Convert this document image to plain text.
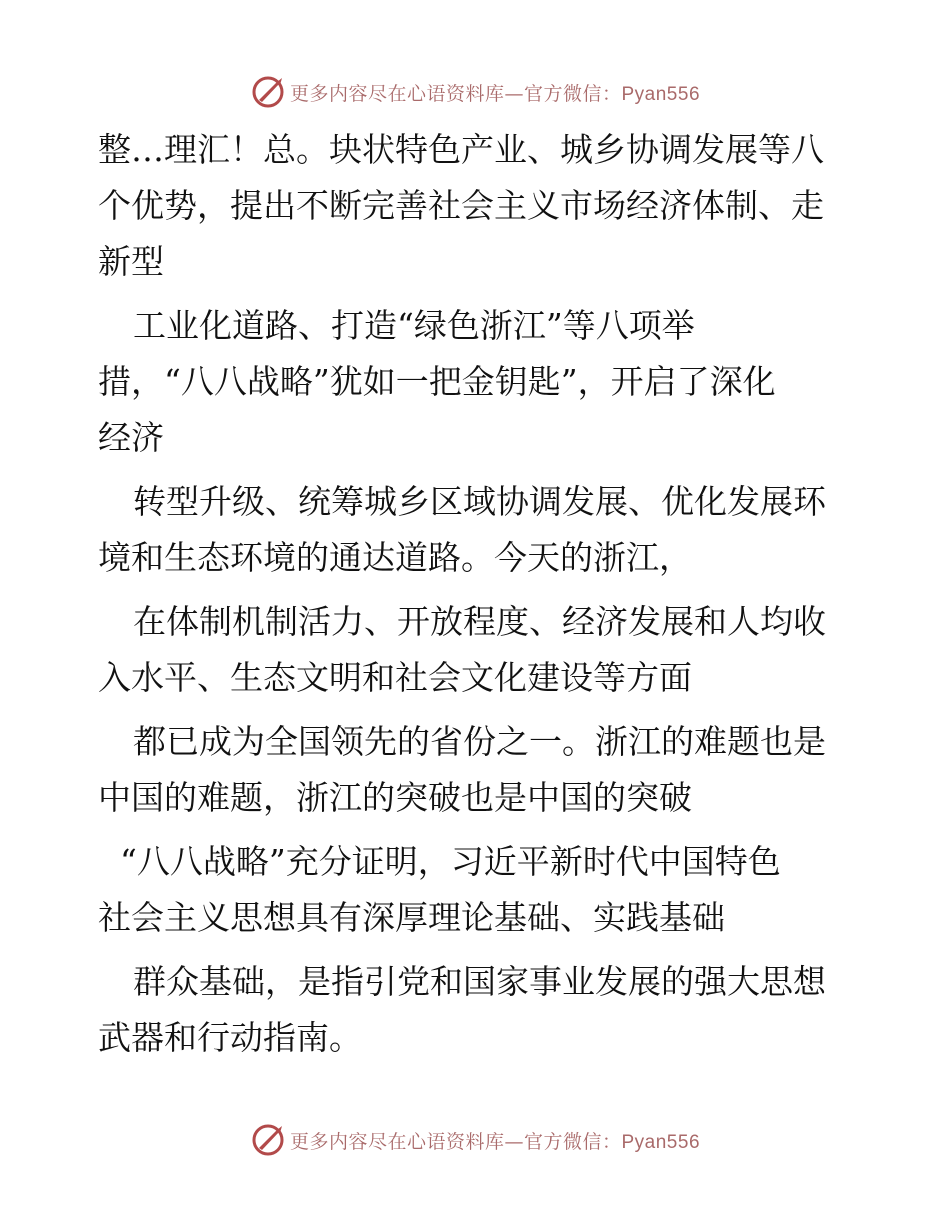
更多内容尽在心语资料库—官方微信：Pyan556
整…理汇！总。块状特色产业、城乡协调发展等八
个优势，提出不断完善社会主义市场经济体制、走
新型
工业化道路、打造“绿色浙江”等八项举
措，“八八战略”犹如一把金钥匙”，开启了深化
经济
转型升级、统筹城乡区域协调发展、优化发展环
境和生态环境的通达道路。今天的浙江，
在体制机制活力、开放程度、经济发展和人均收
入水平、生态文明和社会文化建设等方面
都已成为全国领先的省份之一。浙江的难题也是
中国的难题，浙江的突破也是中国的突破
“八八战略”充分证明，习近平新时代中国特色
社会主义思想具有深厚理论基础、实践基础
群众基础，是指引党和国家事业发展的强大思想
武器和行动指南。
更多内容尽在心语资料库—官方微信：Pyan556
